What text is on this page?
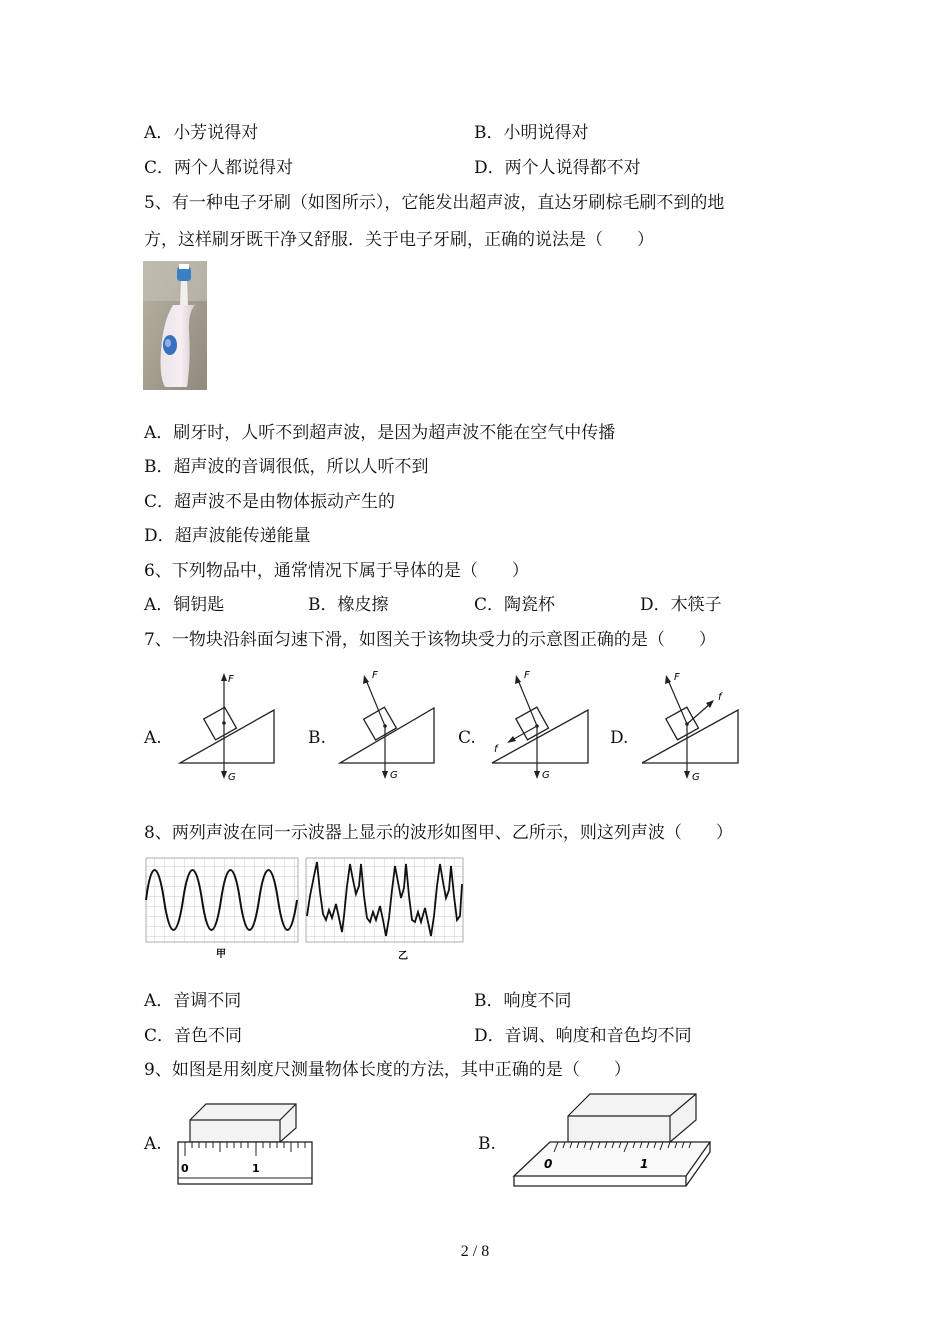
A．小芳说得对	B．小明说得对
C．两个人都说得对	D．两个人说得都不对
5、有一种电子牙刷（如图所示），它能发出超声波，直达牙刷棕毛刷不到的地
方，这样刷牙既干净又舒服．关于电子牙刷，正确的说法是（　　）
A．刷牙时，人听不到超声波，是因为超声波不能在空气中传播
B．超声波的音调很低，所以人听不到
C．超声波不是由物体振动产生的
D．超声波能传递能量
6、下列物品中，通常情况下属于导体的是（　　）
A．铜钥匙	B．橡皮擦	C．陶瓷杯	D．木筷子
7、一物块沿斜面匀速下滑，如图关于该物块受力的示意图正确的是（　　）
A.
F
G
B.
F
G
C.
F
G
f
D.
F
G
f
8、两列声波在同一示波器上显示的波形如图甲、乙所示，则这列声波（　　）
甲	乙
A．音调不同	B．响度不同
C．音色不同	D．音调、响度和音色均不同
9、如图是用刻度尺测量物体长度的方法，其中正确的是（　　）
A.
0	1
B.
0	1
2 / 8
